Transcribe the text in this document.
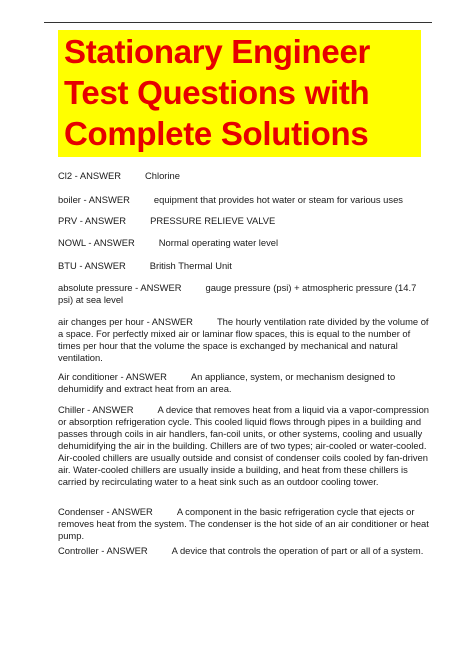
Stationary Engineer
Test Questions with
Complete Solutions
Cl2 - ANSWER	Chlorine
boiler - ANSWER	equipment that provides hot water or steam for various uses
PRV - ANSWER	PRESSURE RELIEVE VALVE
NOWL - ANSWER	Normal operating water level
BTU - ANSWER	British Thermal Unit
absolute pressure - ANSWER	gauge pressure (psi) + atmospheric pressure (14.7 psi) at sea level
air changes per hour - ANSWER	The hourly ventilation rate divided by the volume of a space. For perfectly mixed air or laminar flow spaces, this is equal to the number of times per hour that the volume the space is exchanged by mechanical and natural ventilation.
Air conditioner - ANSWER	An appliance, system, or mechanism designed to dehumidify and extract heat from an area.
Chiller - ANSWER	A device that removes heat from a liquid via a vapor-compression or absorption refrigeration cycle. This cooled liquid flows through pipes in a building and passes through coils in air handlers, fan-coil units, or other systems, cooling and usually dehumidifying the air in the building. Chillers are of two types; air-cooled or water-cooled. Air-cooled chillers are usually outside and consist of condenser coils cooled by fan-driven air. Water-cooled chillers are usually inside a building, and heat from these chillers is carried by recirculating water to a heat sink such as an outdoor cooling tower.
Condenser - ANSWER	A component in the basic refrigeration cycle that ejects or removes heat from the system. The condenser is the hot side of an air conditioner or heat pump.
Controller - ANSWER	A device that controls the operation of part or all of a system.
